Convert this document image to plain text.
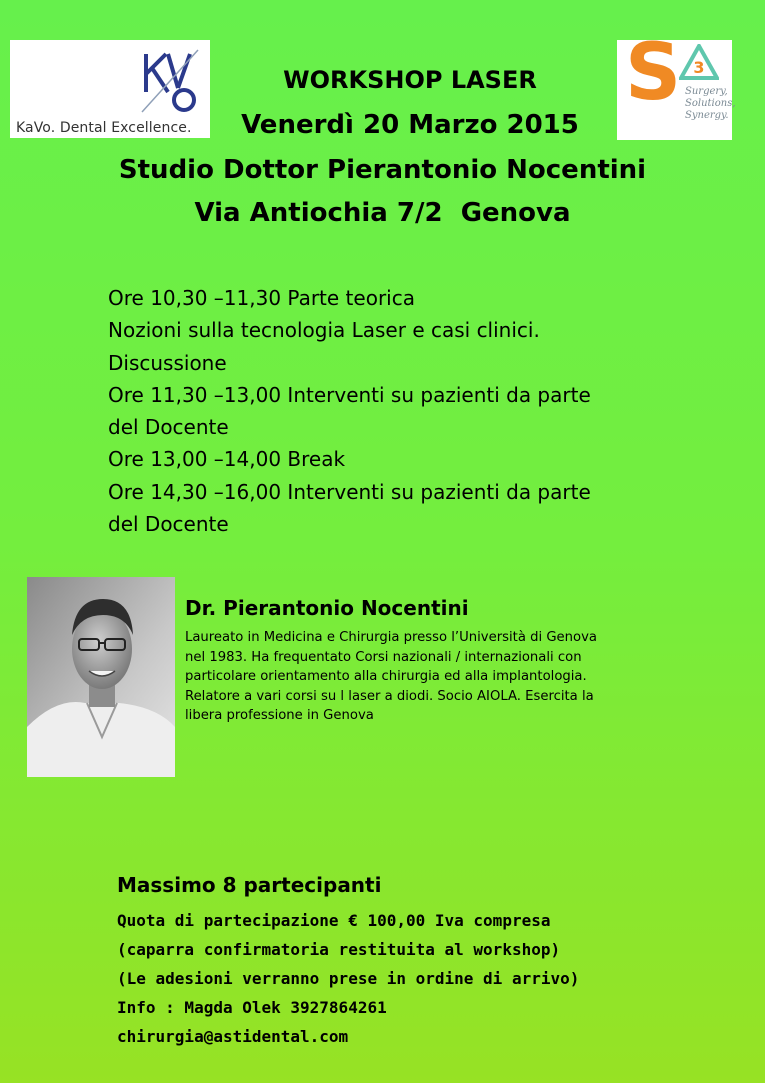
KaVo. Dental Excellence.
S 3
Surgery,
Solutions,
Synergy.
WORKSHOP LASER
Venerdì 20 Marzo 2015
Studio Dottor Pierantonio Nocentini
Via Antiochia 7/2  Genova
Ore 10,30 –11,30 Parte teorica
Nozioni sulla tecnologia Laser e casi clinici.
Discussione
Ore 11,30 –13,00 Interventi su pazienti da parte
del Docente
Ore 13,00 –14,00 Break
Ore 14,30 –16,00 Interventi su pazienti da parte
del Docente
Dr. Pierantonio Nocentini
Laureato in Medicina e Chirurgia presso l’Università di Genova
nel 1983. Ha frequentato Corsi nazionali / internazionali con
particolare orientamento alla chirurgia ed alla implantologia.
Relatore a vari corsi su l laser a diodi. Socio AIOLA. Esercita la
libera professione in Genova
Massimo 8 partecipanti
Quota di partecipazione € 100,00 Iva compresa
(caparra confirmatoria restituita al workshop)
(Le adesioni verranno prese in ordine di arrivo)
Info : Magda Olek 3927864261
chirurgia@astidental.com
